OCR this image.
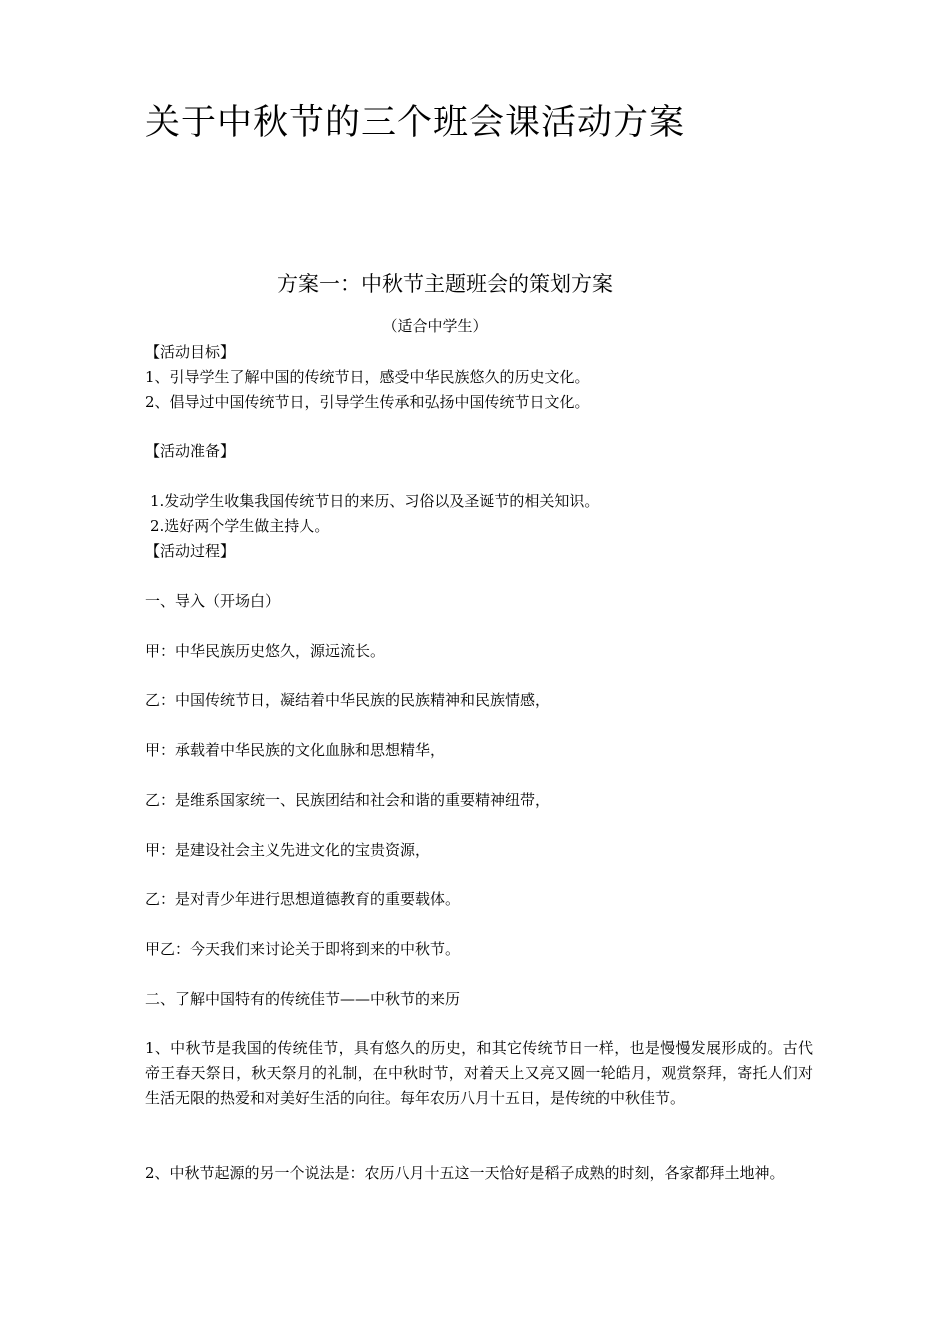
关于中秋节的三个班会课活动方案
方案一：中秋节主题班会的策划方案
（适合中学生）
【活动目标】
1、引导学生了解中国的传统节日，感受中华民族悠久的历史文化。
2、倡导过中国传统节日，引导学生传承和弘扬中国传统节日文化。
【活动准备】
1.发动学生收集我国传统节日的来历、习俗以及圣诞节的相关知识。
2.选好两个学生做主持人。
【活动过程】
一、导入（开场白）
甲：中华民族历史悠久，源远流长。
乙：中国传统节日，凝结着中华民族的民族精神和民族情感，
甲：承载着中华民族的文化血脉和思想精华，
乙：是维系国家统一、民族团结和社会和谐的重要精神纽带，
甲：是建设社会主义先进文化的宝贵资源，
乙：是对青少年进行思想道德教育的重要载体。
甲乙：今天我们来讨论关于即将到来的中秋节。
二、了解中国特有的传统佳节——中秋节的来历
1、中秋节是我国的传统佳节，具有悠久的历史，和其它传统节日一样，也是慢慢发展形成的。古代帝王春天祭日，秋天祭月的礼制，在中秋时节，对着天上又亮又圆一轮皓月，观赏祭拜，寄托人们对生活无限的热爱和对美好生活的向往。每年农历八月十五日，是传统的中秋佳节。
2、中秋节起源的另一个说法是：农历八月十五这一天恰好是稻子成熟的时刻，各家都拜土地神。
